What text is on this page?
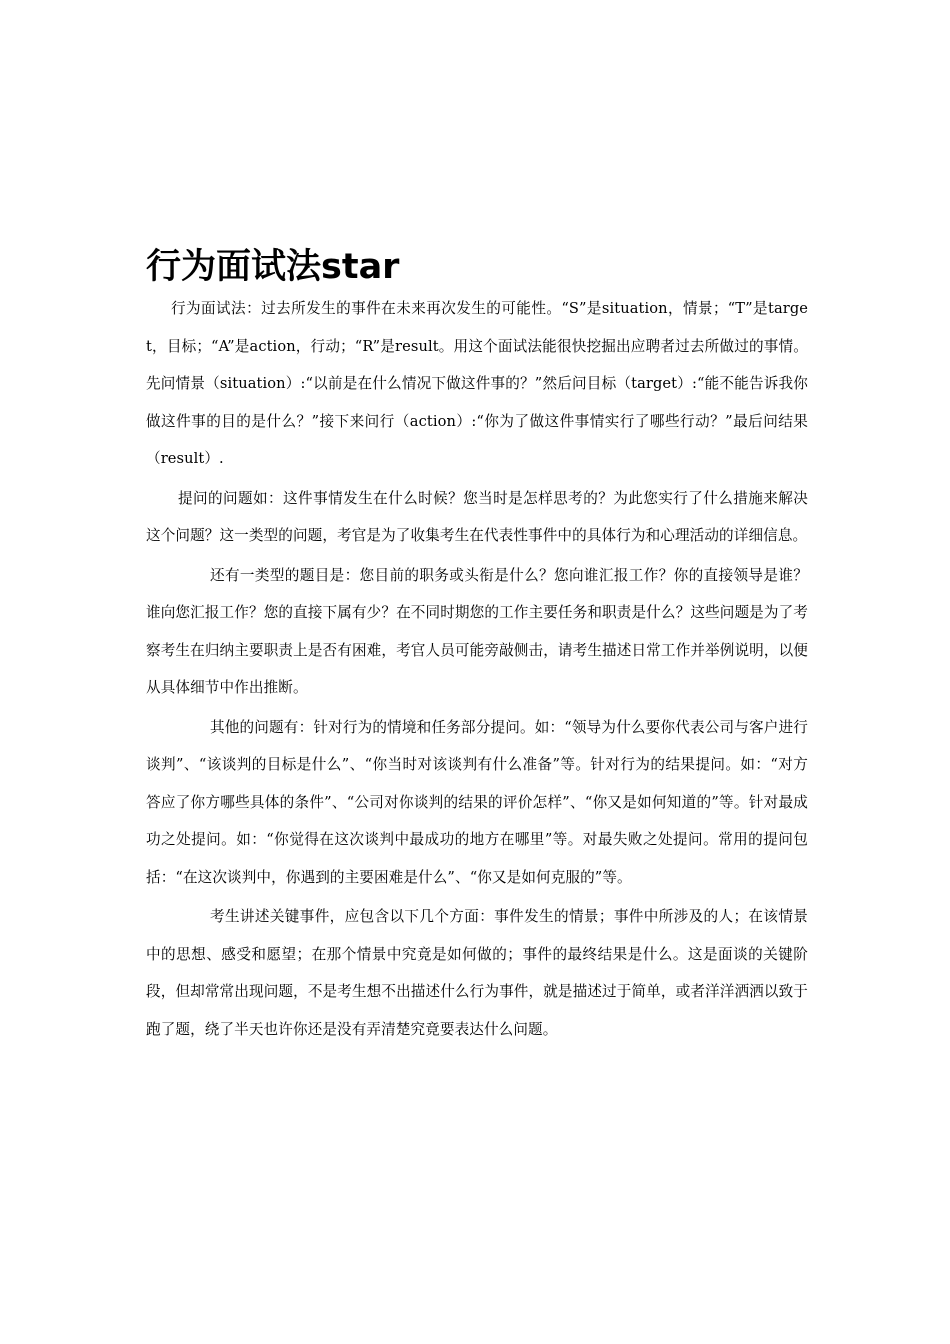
行为面试法star

行为面试法：过去所发生的事件在未来再次发生的可能性。“S”是situation，情景；“T”是target，目标；“A”是action，行动；“R”是result。用这个面试法能很快挖掘出应聘者过去所做过的事情。先问情景（situation）:“以前是在什么情况下做这件事的？”然后问目标（target）:“能不能告诉我你做这件事的目的是什么？”接下来问行（action）:“你为了做这件事情实行了哪些行动？”最后问结果（result）.

提问的问题如：这件事情发生在什么时候？您当时是怎样思考的？为此您实行了什么措施来解决这个问题？这一类型的问题，考官是为了收集考生在代表性事件中的具体行为和心理活动的详细信息。

还有一类型的题目是：您目前的职务或头衔是什么？您向谁汇报工作？你的直接领导是谁？谁向您汇报工作？您的直接下属有少？在不同时期您的工作主要任务和职责是什么？这些问题是为了考察考生在归纳主要职责上是否有困难，考官人员可能旁敲侧击，请考生描述日常工作并举例说明，以便从具体细节中作出推断。

其他的问题有：针对行为的情境和任务部分提问。如：“领导为什么要你代表公司与客户进行谈判”、“该谈判的目标是什么”、“你当时对该谈判有什么准备”等。针对行为的结果提问。如：“对方答应了你方哪些具体的条件”、“公司对你谈判的结果的评价怎样”、“你又是如何知道的”等。针对最成功之处提问。如：“你觉得在这次谈判中最成功的地方在哪里”等。对最失败之处提问。常用的提问包括：“在这次谈判中，你遇到的主要困难是什么”、“你又是如何克服的”等。

考生讲述关键事件，应包含以下几个方面：事件发生的情景；事件中所涉及的人；在该情景中的思想、感受和愿望；在那个情景中究竟是如何做的；事件的最终结果是什么。这是面谈的关键阶段，但却常常出现问题，不是考生想不出描述什么行为事件，就是描述过于简单，或者洋洋洒洒以致于跑了题，绕了半天也许你还是没有弄清楚究竟要表达什么问题。
